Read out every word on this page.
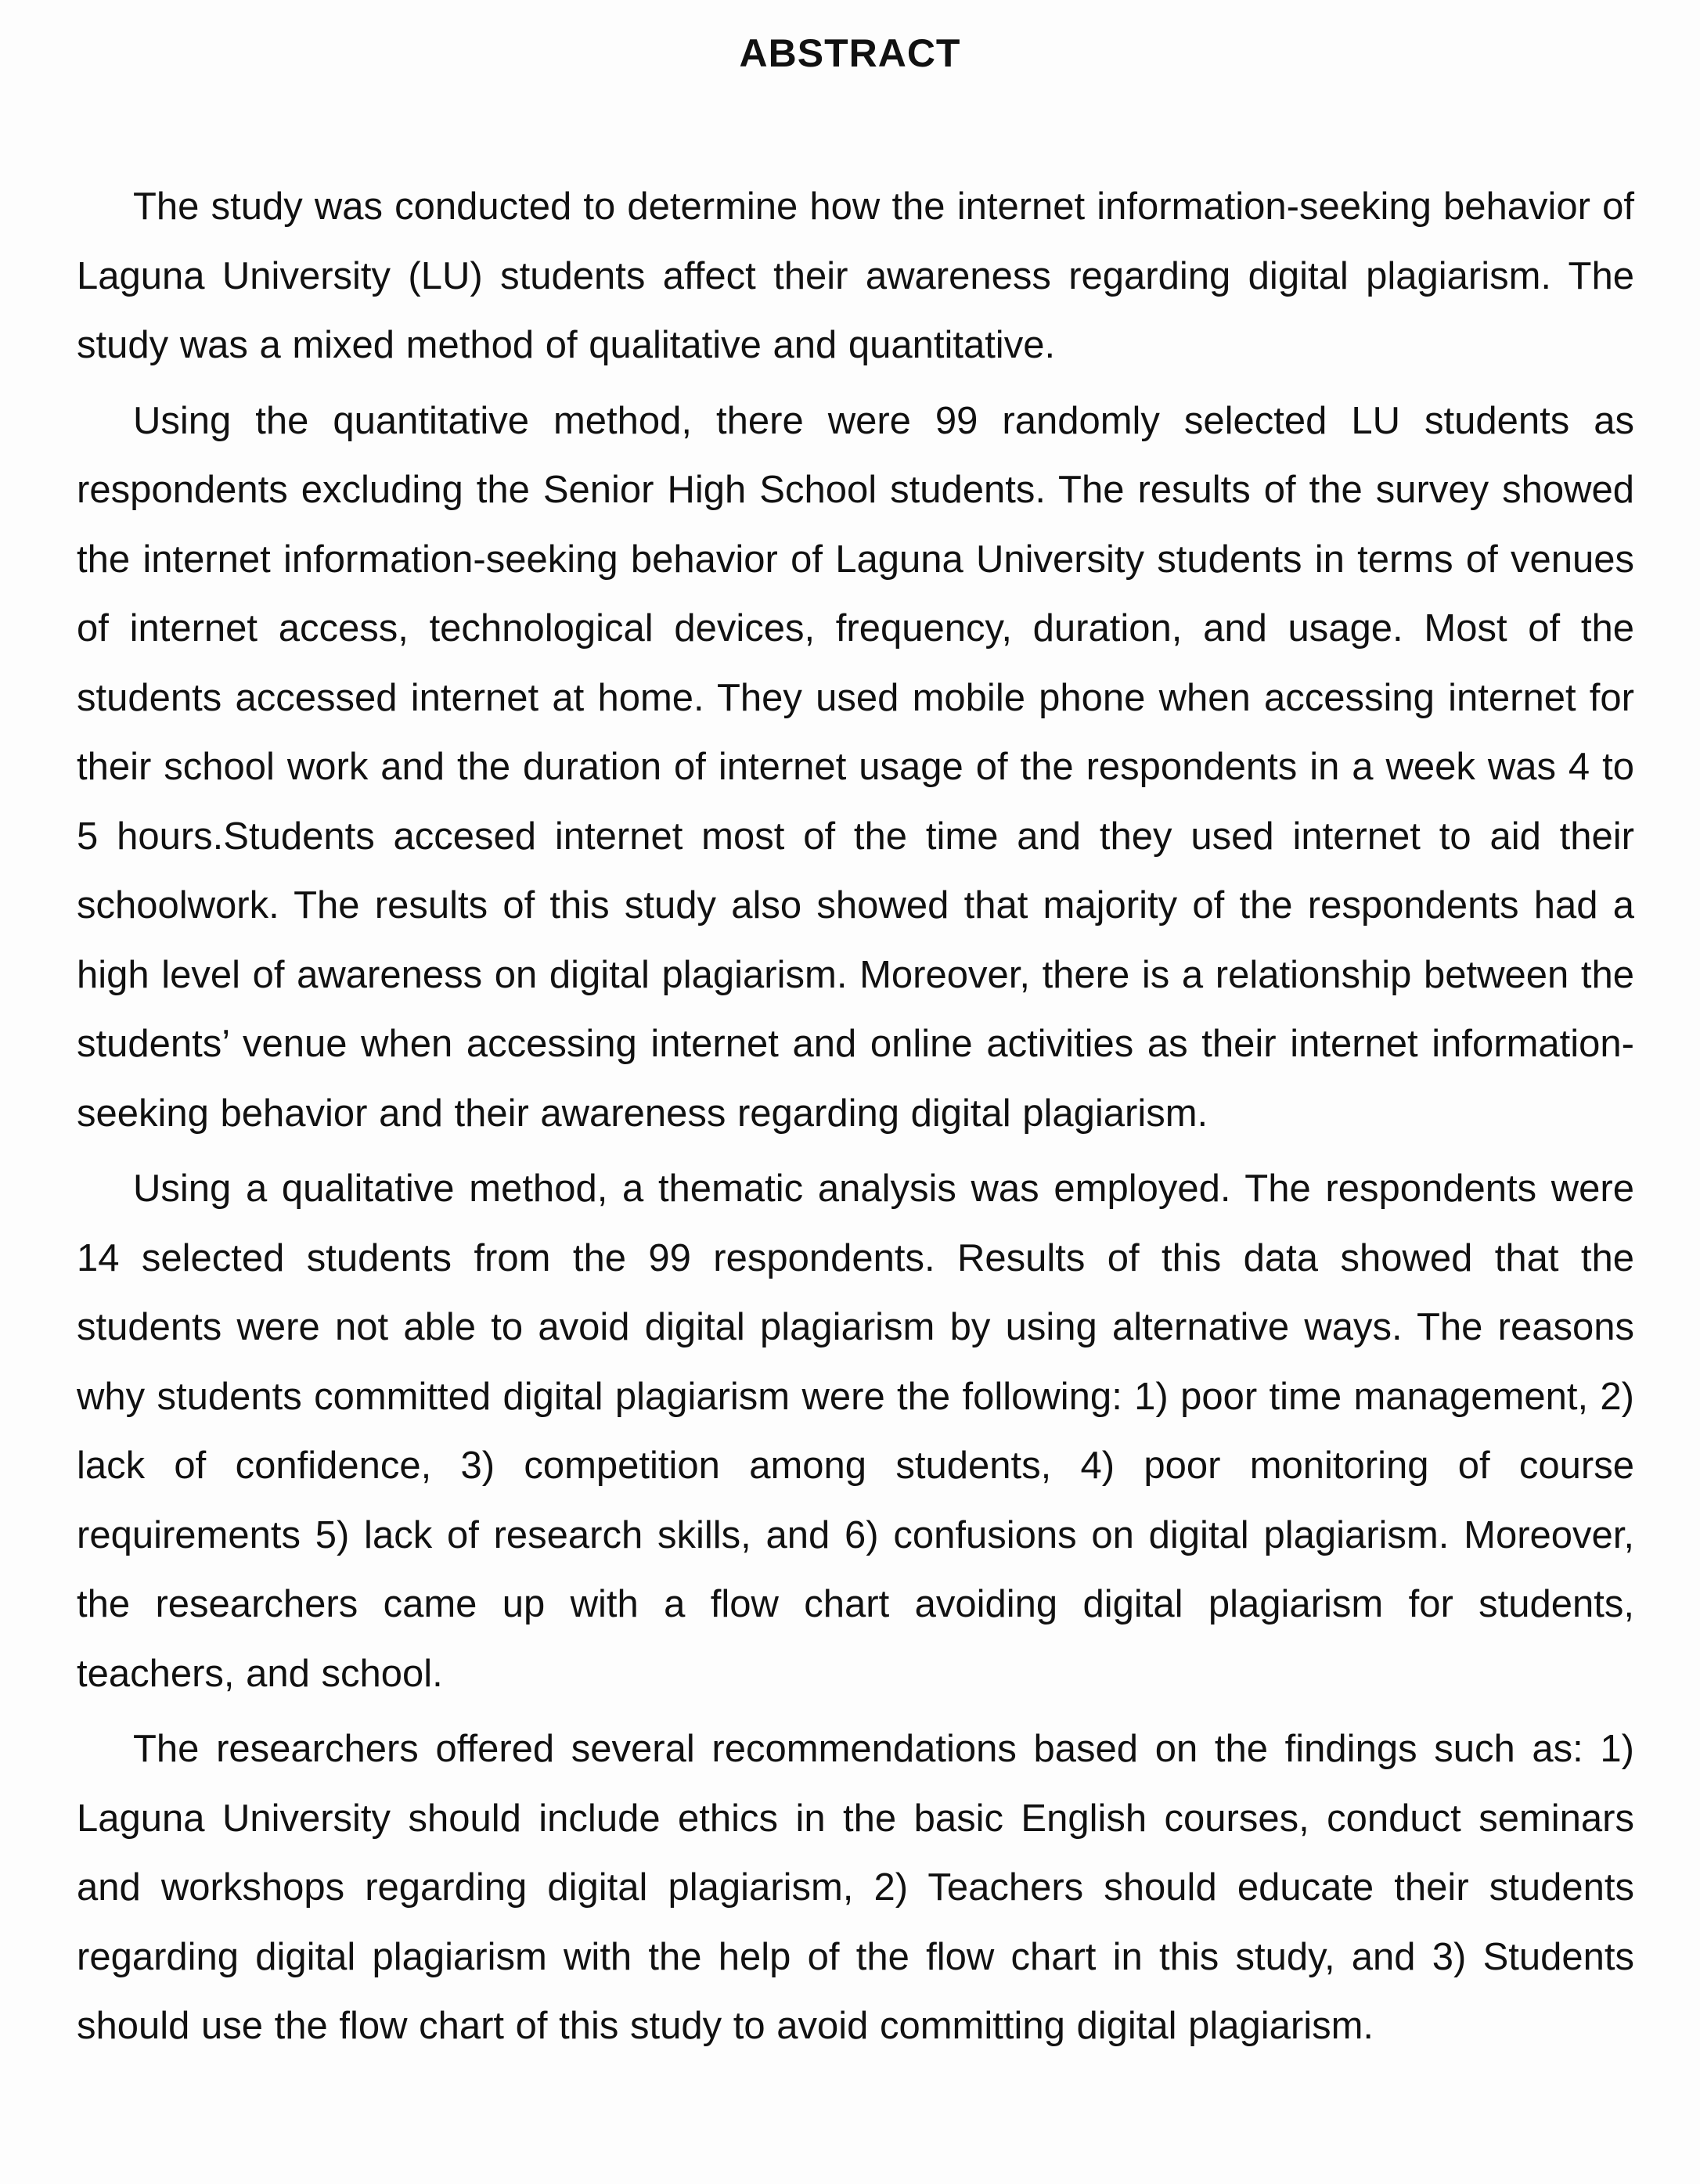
ABSTRACT

The study was conducted to determine how the internet information-seeking behavior of Laguna University (LU) students affect their awareness regarding digital plagiarism. The study was a mixed method of qualitative and quantitative.

Using the quantitative method, there were 99 randomly selected LU students as respondents excluding the Senior High School students. The results of the survey showed the internet information-seeking behavior of Laguna University students in terms of venues of internet access, technological devices, frequency, duration, and usage. Most of the students accessed internet at home. They used mobile phone when accessing internet for their school work and the duration of internet usage of the respondents in a week was 4 to 5 hours.Students accesed internet most of the time and they used internet to aid their schoolwork. The results of this study also showed that majority of the respondents had a high level of awareness on digital plagiarism. Moreover, there is a relationship between the students’ venue when accessing internet and online activities as their internet information-seeking behavior and their awareness regarding digital plagiarism.

Using a qualitative method, a thematic analysis was employed. The respondents were 14 selected students from the 99 respondents. Results of this data showed that the students were not able to avoid digital plagiarism by using alternative ways. The reasons why students committed digital plagiarism were the following: 1) poor time management, 2) lack of confidence, 3) competition among students, 4) poor monitoring of course requirements 5) lack of research skills, and 6) confusions on digital plagiarism. Moreover, the researchers came up with a flow chart avoiding digital plagiarism for students, teachers, and school.

The researchers offered several recommendations based on the findings such as: 1) Laguna University should include ethics in the basic English courses, conduct seminars and workshops regarding digital plagiarism, 2) Teachers should educate their students regarding digital plagiarism with the help of the flow chart in this study, and 3) Students should use the flow chart of this study to avoid committing digital plagiarism.
